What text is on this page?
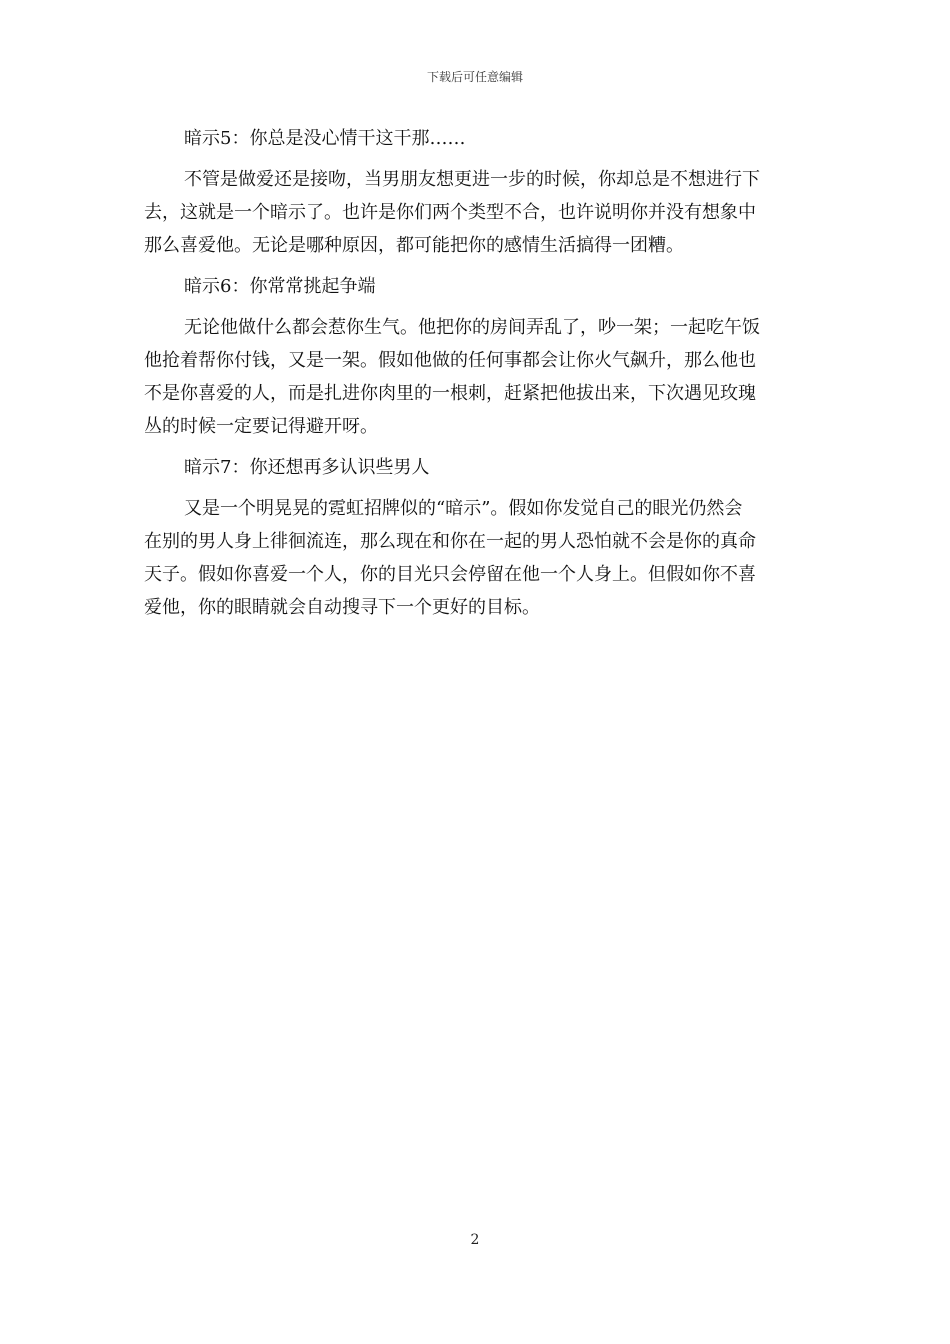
下载后可任意编辑
暗示5：你总是没心情干这干那……

不管是做爱还是接吻，当男朋友想更进一步的时候，你却总是不想进行下

去，这就是一个暗示了。也许是你们两个类型不合，也许说明你并没有想象中

那么喜爱他。无论是哪种原因，都可能把你的感情生活搞得一团糟。

暗示6：你常常挑起争端

无论他做什么都会惹你生气。他把你的房间弄乱了，吵一架；一起吃午饭

他抢着帮你付钱，又是一架。假如他做的任何事都会让你火气飙升，那么他也

不是你喜爱的人，而是扎进你肉里的一根刺，赶紧把他拔出来，下次遇见玫瑰

丛的时候一定要记得避开呀。

暗示7：你还想再多认识些男人

又是一个明晃晃的霓虹招牌似的“暗示”。假如你发觉自己的眼光仍然会

在别的男人身上徘徊流连，那么现在和你在一起的男人恐怕就不会是你的真命

天子。假如你喜爱一个人，你的目光只会停留在他一个人身上。但假如你不喜

爱他，你的眼睛就会自动搜寻下一个更好的目标。

2
